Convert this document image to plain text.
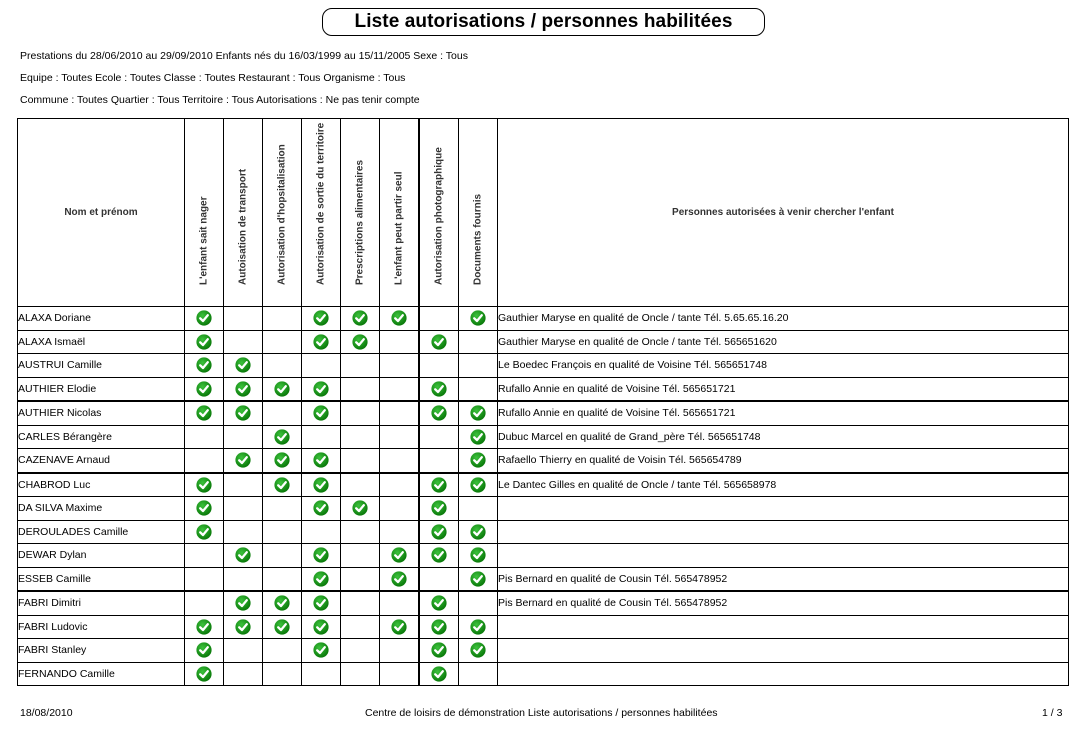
Liste autorisations / personnes habilitées
Prestations du 28/06/2010 au 29/09/2010 Enfants nés du 16/03/1999 au 15/11/2005 Sexe : Tous
Equipe : Toutes Ecole : Toutes Classe : Toutes Restaurant : Tous Organisme : Tous
Commune : Toutes Quartier : Tous Territoire : Tous Autorisations : Ne pas tenir compte
Nom et prénom	L'enfant sait nager	Autoisation de transport	Autorisation d'hopsitalisation	Autorisation de sortie du territoire	Prescriptions alimentaires	L'enfant peut partir seul	Autorisation photographique	Documents fournis	Personnes autorisées à venir chercher l'enfant
ALAXA Doriane									Gauthier Maryse en qualité de Oncle / tante Tél. 5.65.65.16.20
ALAXA Ismaël									Gauthier Maryse en qualité de Oncle / tante Tél. 565651620
AUSTRUI Camille									Le Boedec François en qualité de Voisine Tél. 565651748
AUTHIER Elodie									Rufallo Annie en qualité de Voisine Tél. 565651721
AUTHIER Nicolas									Rufallo Annie en qualité de Voisine Tél. 565651721
CARLES Bérangère									Dubuc Marcel en qualité de Grand_père Tél. 565651748
CAZENAVE Arnaud									Rafaello Thierry en qualité de Voisin Tél. 565654789
CHABROD Luc									Le Dantec Gilles en qualité de Oncle / tante Tél. 565658978
DA SILVA Maxime									
DEROULADES Camille									
DEWAR Dylan									
ESSEB Camille									Pis Bernard en qualité de Cousin Tél. 565478952
FABRI Dimitri									Pis Bernard en qualité de Cousin Tél. 565478952
FABRI Ludovic									
FABRI Stanley									
FERNANDO Camille									
18/08/2010	Centre de loisirs de démonstration Liste autorisations / personnes habilitées	1 / 3
